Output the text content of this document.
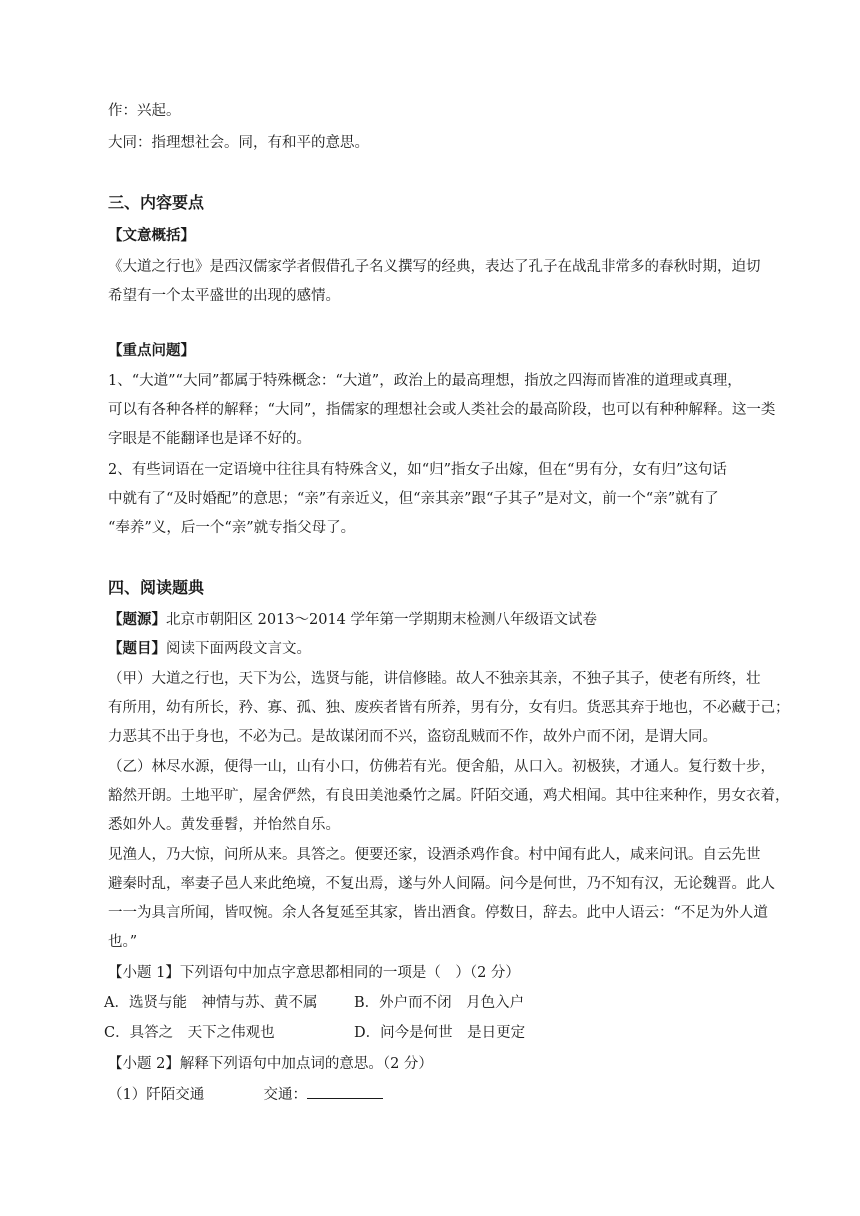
作：兴起。
大同：指理想社会。同，有和平的意思。
三、内容要点
【文意概括】
《大道之行也》是西汉儒家学者假借孔子名义撰写的经典，表达了孔子在战乱非常多的春秋时期，迫切
希望有一个太平盛世的出现的感情。
【重点问题】
1、“大道”“大同”都属于特殊概念：“大道”，政治上的最高理想，指放之四海而皆准的道理或真理，
可以有各种各样的解释；“大同”，指儒家的理想社会或人类社会的最高阶段，也可以有种种解释。这一类
字眼是不能翻译也是译不好的。
2、有些词语在一定语境中往往具有特殊含义，如“归”指女子出嫁，但在“男有分，女有归”这句话
中就有了“及时婚配”的意思；“亲”有亲近义，但“亲其亲”跟“子其子”是对文，前一个“亲”就有了
“奉养”义，后一个“亲”就专指父母了。
四、阅读题典
【题源】北京市朝阳区 2013～2014 学年第一学期期末检测八年级语文试卷
【题目】阅读下面两段文言文。
（甲）大道之行也，天下为公，选贤与能，讲信修睦。故人不独亲其亲，不独子其子，使老有所终，壮
有所用，幼有所长，矜、寡、孤、独、废疾者皆有所养，男有分，女有归。货恶其弃于地也，不必藏于己；
力恶其不出于身也，不必为己。是故谋闭而不兴，盗窃乱贼而不作，故外户而不闭，是谓大同。
（乙）林尽水源，便得一山，山有小口，仿佛若有光。便舍船，从口入。初极狭，才通人。复行数十步，
豁然开朗。土地平旷，屋舍俨然，有良田美池桑竹之属。阡陌交通，鸡犬相闻。其中往来种作，男女衣着，
悉如外人。黄发垂髫，并怡然自乐。
见渔人，乃大惊，问所从来。具答之。便要还家，设酒杀鸡作食。村中闻有此人，咸来问讯。自云先世
避秦时乱，率妻子邑人来此绝境，不复出焉，遂与外人间隔。问今是何世，乃不知有汉，无论魏晋。此人
一一为具言所闻，皆叹惋。余人各复延至其家，皆出酒食。停数日，辞去。此中人语云：“不足为外人道
也。”
【小题 1】下列语句中加点字意思都相同的一项是（　）（2 分）
A．选贤与能　神情与苏、黄不属	B．外户而不闭　月色入户
C．具答之　天下之伟观也	D．问今是何世　是日更定
【小题 2】解释下列语句中加点词的意思。（2 分）
（1）阡陌交通	交通：
